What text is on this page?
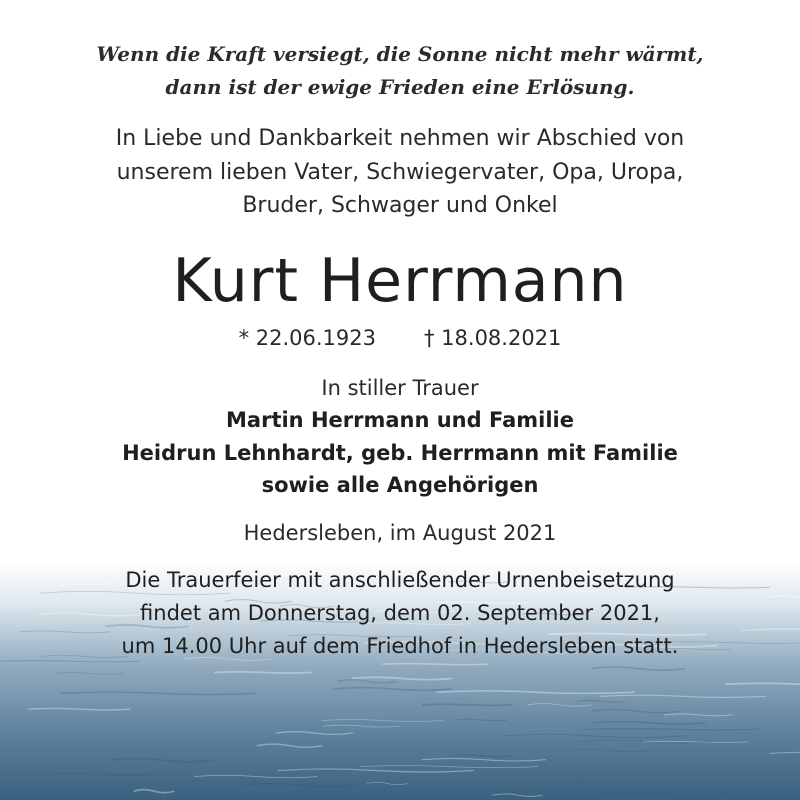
Wenn die Kraft versiegt, die Sonne nicht mehr wärmt,
dann ist der ewige Frieden eine Erlösung.
In Liebe und Dankbarkeit nehmen wir Abschied von
unserem lieben Vater, Schwiegervater, Opa, Uropa,
Bruder, Schwager und Onkel
Kurt Herrmann
* 22.06.1923 † 18.08.2021
In stiller Trauer
Martin Herrmann und Familie
Heidrun Lehnhardt, geb. Herrmann mit Familie
sowie alle Angehörigen
Hedersleben, im August 2021
Die Trauerfeier mit anschließender Urnenbeisetzung
findet am Donnerstag, dem 02. September 2021,
um 14.00 Uhr auf dem Friedhof in Hedersleben statt.
